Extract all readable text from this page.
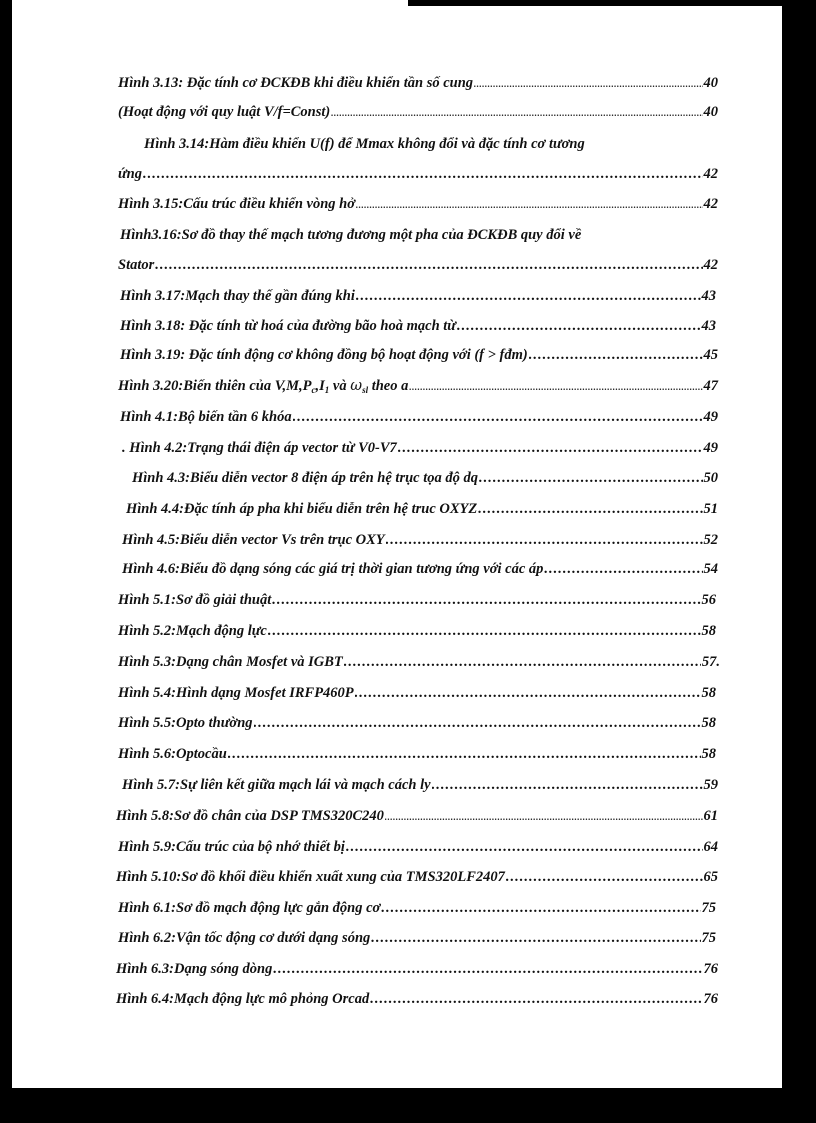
Hình 3.13: Đặc tính cơ ĐCKĐB khi điều khiển tần số cung .....	40
(Hoạt động với quy luật V/f=Const) .....	40
Hình 3.14:Hàm điều khiển U(f) để Mmax không đổi và đặc tính cơ tương
ứng .....	42
Hình 3.15:Cấu trúc điều khiển vòng hở .....	42
Hình3.16:Sơ đồ thay thế mạch tương đương một pha của ĐCKĐB quy đổi về
Stator .....	42
Hình 3.17:Mạch thay thế gần đúng khi .....	43
Hình 3.18: Đặc tính từ hoá của đường bão hoà mạch từ .....	43
Hình 3.19: Đặc tính động cơ không đồng bộ hoạt động với (f > fđm) .....	45
Hình 3.20:Biến thiên của $V,M,P_c,I_1$ và $\omega_{sl}$ theo a .....	47
Hình 4.1:Bộ biến tần 6 khóa .....	49
. Hình 4.2:Trạng thái điện áp vector từ V0-V7 .....	49
Hình 4.3:Biểu diễn vector 8 điện áp trên hệ trục tọa độ dq .....	50
Hình 4.4:Đặc tính áp pha khi biểu diễn trên hệ truc OXYZ .....	51
Hình 4.5:Biểu diễn vector Vs trên trục OXY .....	52
Hình 4.6:Biểu đồ dạng sóng các giá trị thời gian tương ứng với các áp .....	54
Hình 5.1:Sơ đồ giải thuật .....	56
Hình 5.2:Mạch động lực .....	58
Hình 5.3:Dạng chân Mosfet và IGBT .....	57.
Hình 5.4:Hình dạng Mosfet IRFP460P .....	58
Hình 5.5:Opto thường .....	58
Hình 5.6:Optocầu .....	58
Hình 5.7:Sự liên kết giữa mạch lái và mạch cách ly .....	59
Hình 5.8:Sơ đồ chân của DSP TMS320C240 .....	61
Hình 5.9:Cấu trúc của bộ nhớ thiết bị .....	64
Hình 5.10:Sơ đồ khối điều khiển xuất xung của TMS320LF2407 .....	65
Hình 6.1:Sơ đồ mạch động lực gắn động cơ .....	75
Hình 6.2:Vận tốc động cơ dưới dạng sóng .....	75
Hình 6.3:Dạng sóng dòng .....	76
Hình 6.4:Mạch động lực mô phỏng Orcad .....	76
